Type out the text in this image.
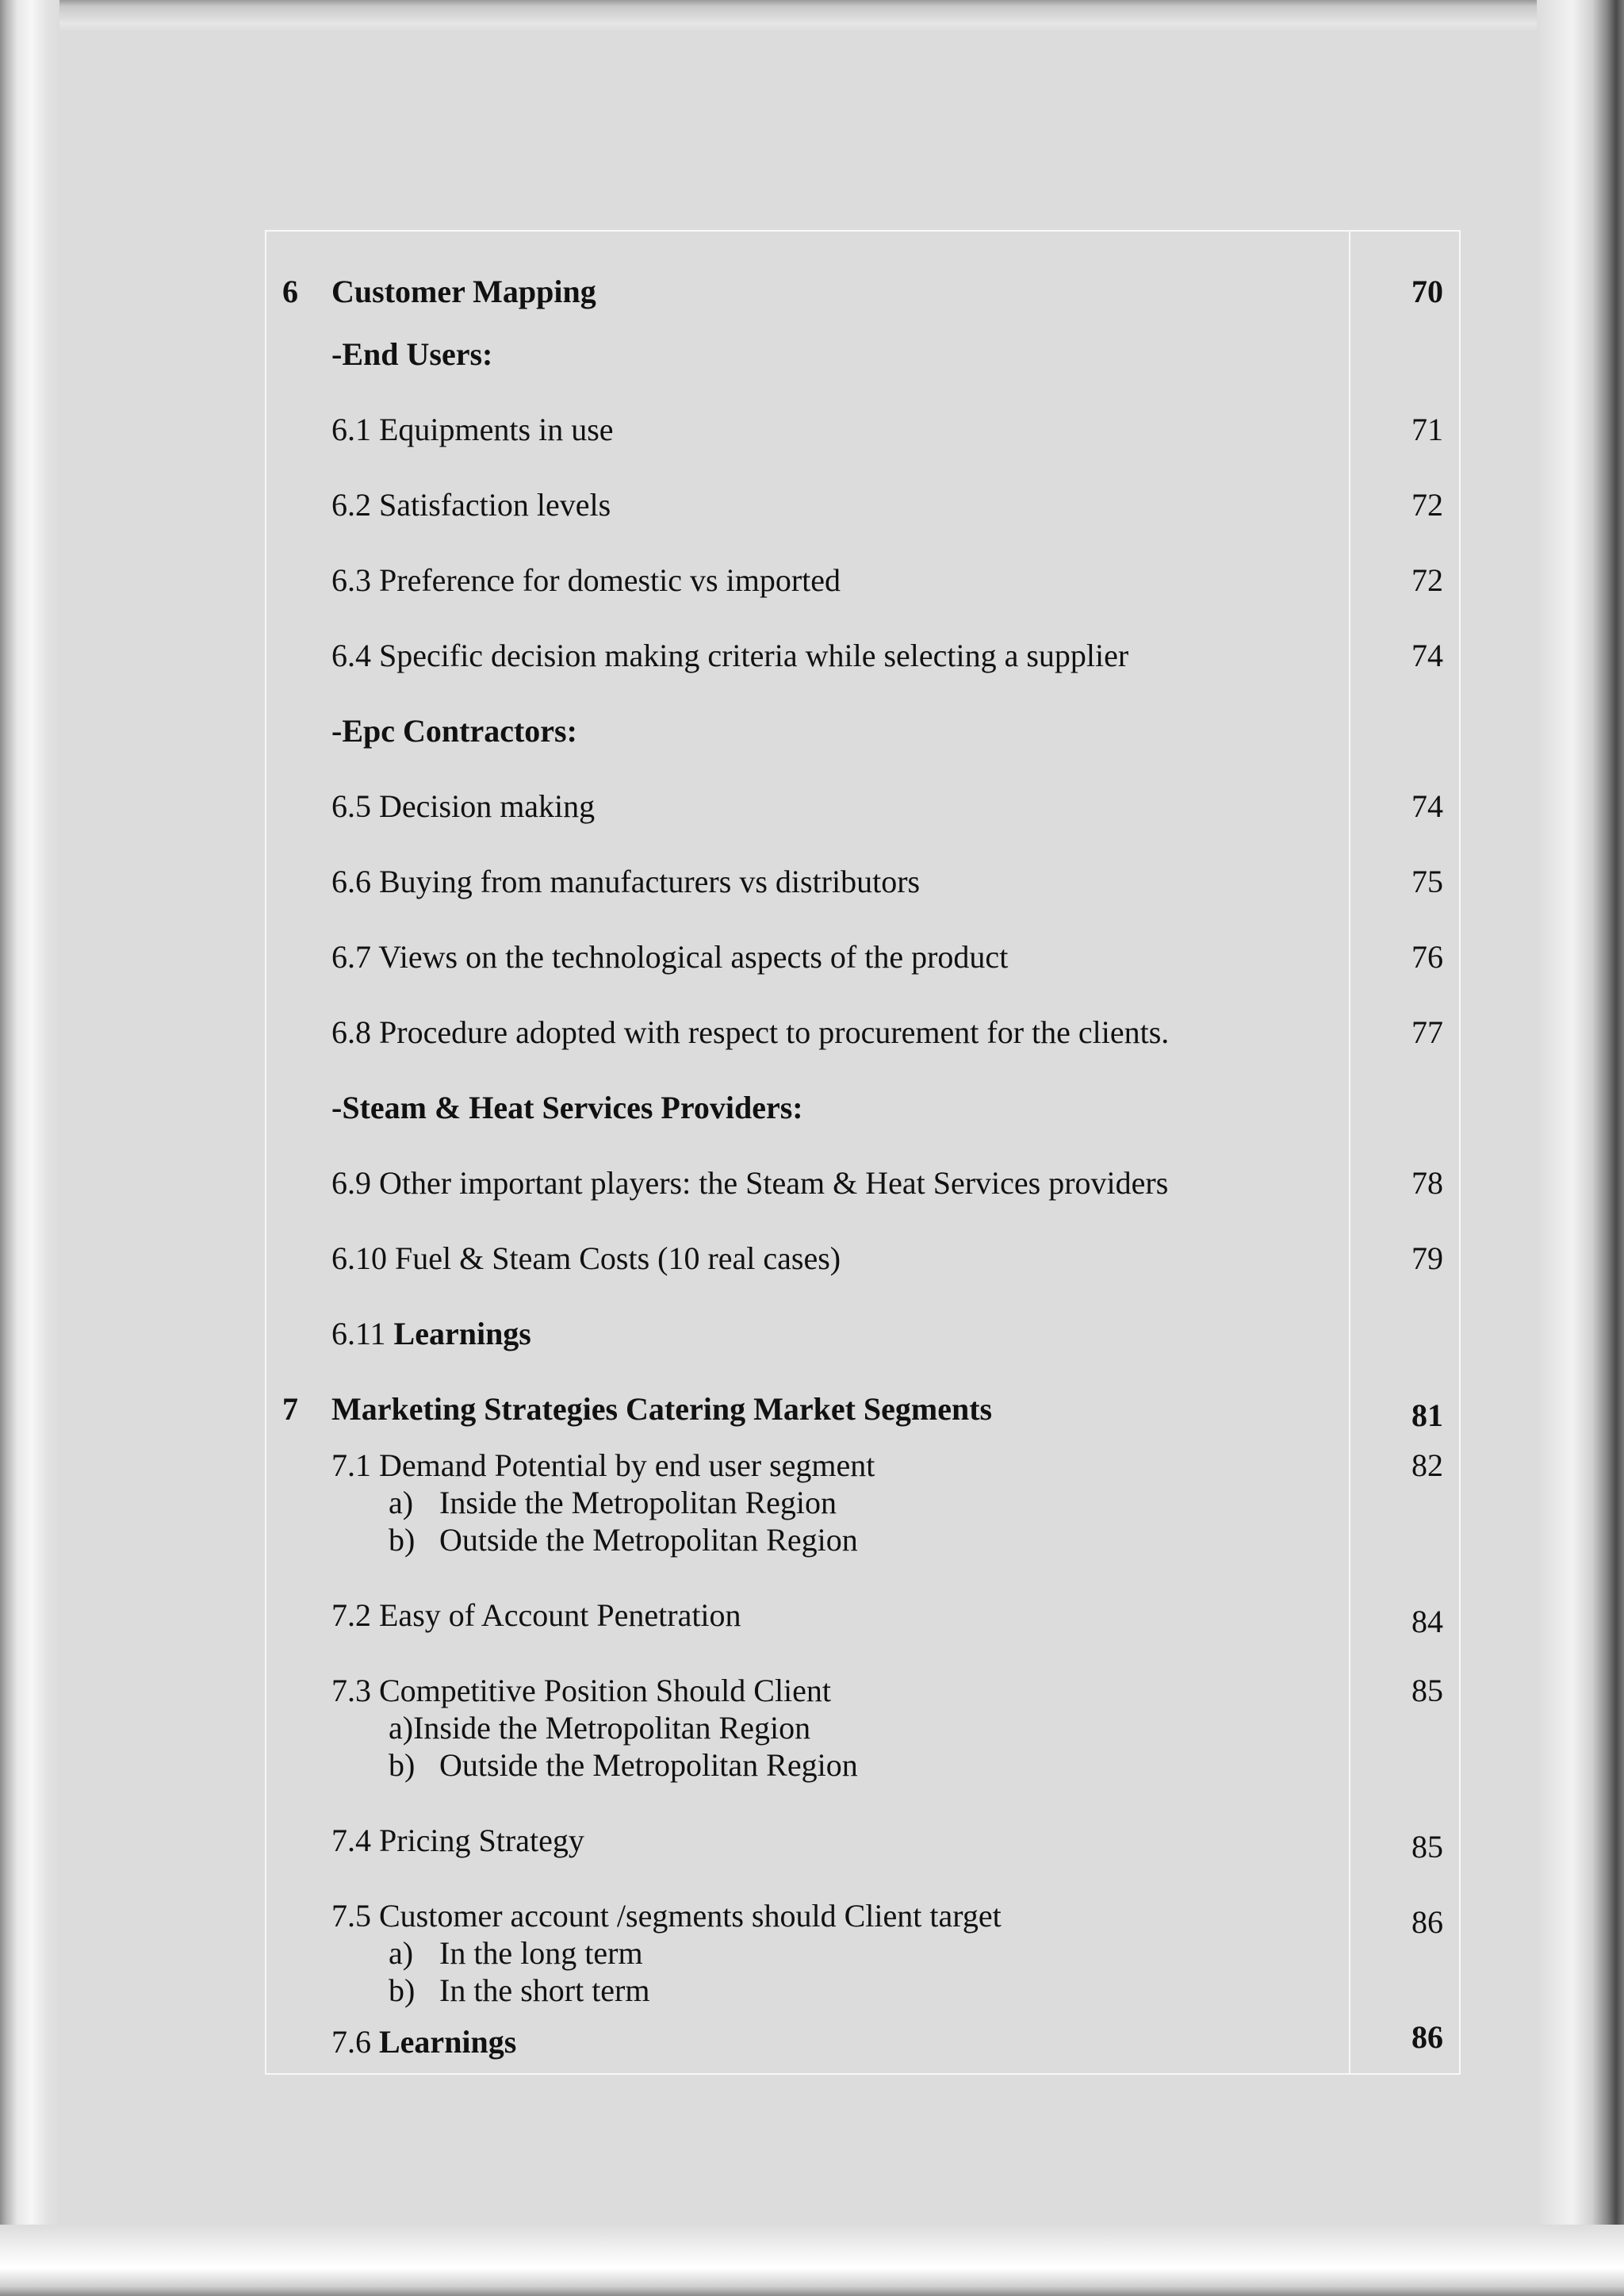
6 Customer Mapping	70
-End Users:
6.1 Equipments in use	71
6.2 Satisfaction levels	72
6.3 Preference for domestic vs imported	72
6.4 Specific decision making criteria while selecting a supplier	74
-Epc Contractors:
6.5 Decision making	74
6.6 Buying from manufacturers vs distributors	75
6.7 Views on the technological aspects of the product	76
6.8 Procedure adopted with respect to procurement for the clients.	77
-Steam & Heat Services Providers:
6.9 Other important players: the Steam & Heat Services providers	78
6.10 Fuel & Steam Costs (10 real cases)	79
6.11 Learnings
7 Marketing Strategies Catering Market Segments	81
7.1 Demand Potential by end user segment	82
a) Inside the Metropolitan Region
b) Outside the Metropolitan Region
7.2 Easy of Account Penetration	84
7.3 Competitive Position Should Client	85
a)Inside the Metropolitan Region
b) Outside the Metropolitan Region
7.4 Pricing Strategy	85
7.5 Customer account /segments should Client target	86
a) In the long term
b) In the short term
7.6 Learnings	86
